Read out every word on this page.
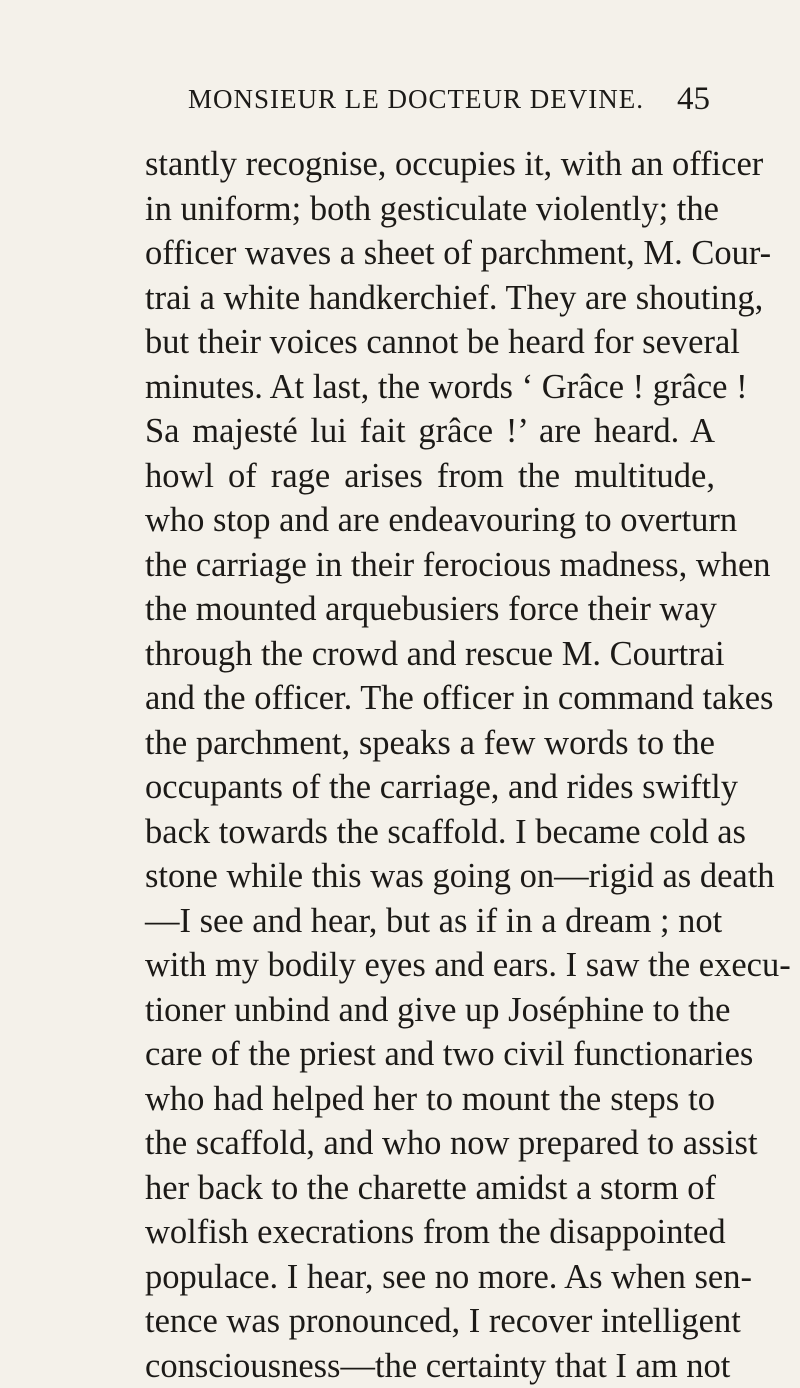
MONSIEUR LE DOCTEUR DEVINE. 45
stantly recognise, occupies it, with an officer
in uniform; both gesticulate violently; the
officer waves a sheet of parchment, M. Cour-
trai a white handkerchief. They are shouting,
but their voices cannot be heard for several
minutes. At last, the words ‘ Grâce ! grâce !
Sa majesté lui fait grâce !’ are heard. A
howl of rage arises from the multitude,
who stop and are endeavouring to overturn
the carriage in their ferocious madness, when
the mounted arquebusiers force their way
through the crowd and rescue M. Courtrai
and the officer. The officer in command takes
the parchment, speaks a few words to the
occupants of the carriage, and rides swiftly
back towards the scaffold. I became cold as
stone while this was going on—rigid as death
—I see and hear, but as if in a dream ; not
with my bodily eyes and ears. I saw the execu-
tioner unbind and give up Joséphine to the
care of the priest and two civil functionaries
who had helped her to mount the steps to
the scaffold, and who now prepared to assist
her back to the charette amidst a storm of
wolfish execrations from the disappointed
populace. I hear, see no more. As when sen-
tence was pronounced, I recover intelligent
consciousness—the certainty that I am not
